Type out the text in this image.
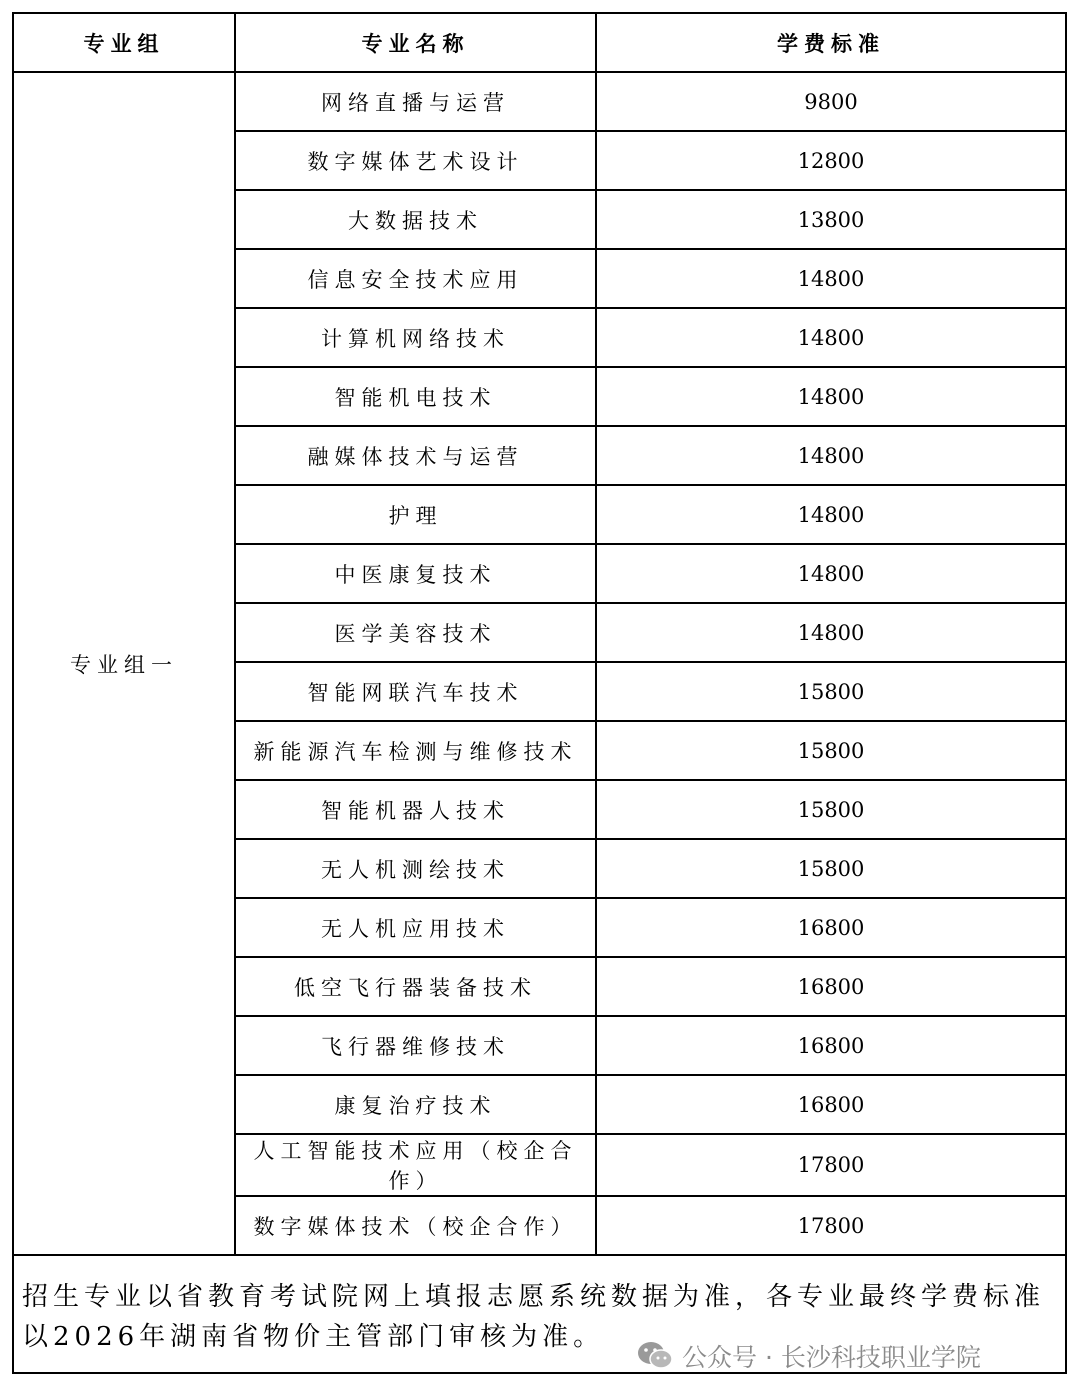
专业组	专业名称	学费标准
专业组一	网络直播与运营	9800
	数字媒体艺术设计	12800
	大数据技术	13800
	信息安全技术应用	14800
	计算机网络技术	14800
	智能机电技术	14800
	融媒体技术与运营	14800
	护理	14800
	中医康复技术	14800
	医学美容技术	14800
	智能网联汽车技术	15800
	新能源汽车检测与维修技术	15800
	智能机器人技术	15800
	无人机测绘技术	15800
	无人机应用技术	16800
	低空飞行器装备技术	16800
	飞行器维修技术	16800
	康复治疗技术	16800
	人工智能技术应用（校企合作）	17800
	数字媒体技术（校企合作）	17800
招生专业以省教育考试院网上填报志愿系统数据为准，各专业最终学费标准
以2026年湖南省物价主管部门审核为准。
公众号 · 长沙科技职业学院
